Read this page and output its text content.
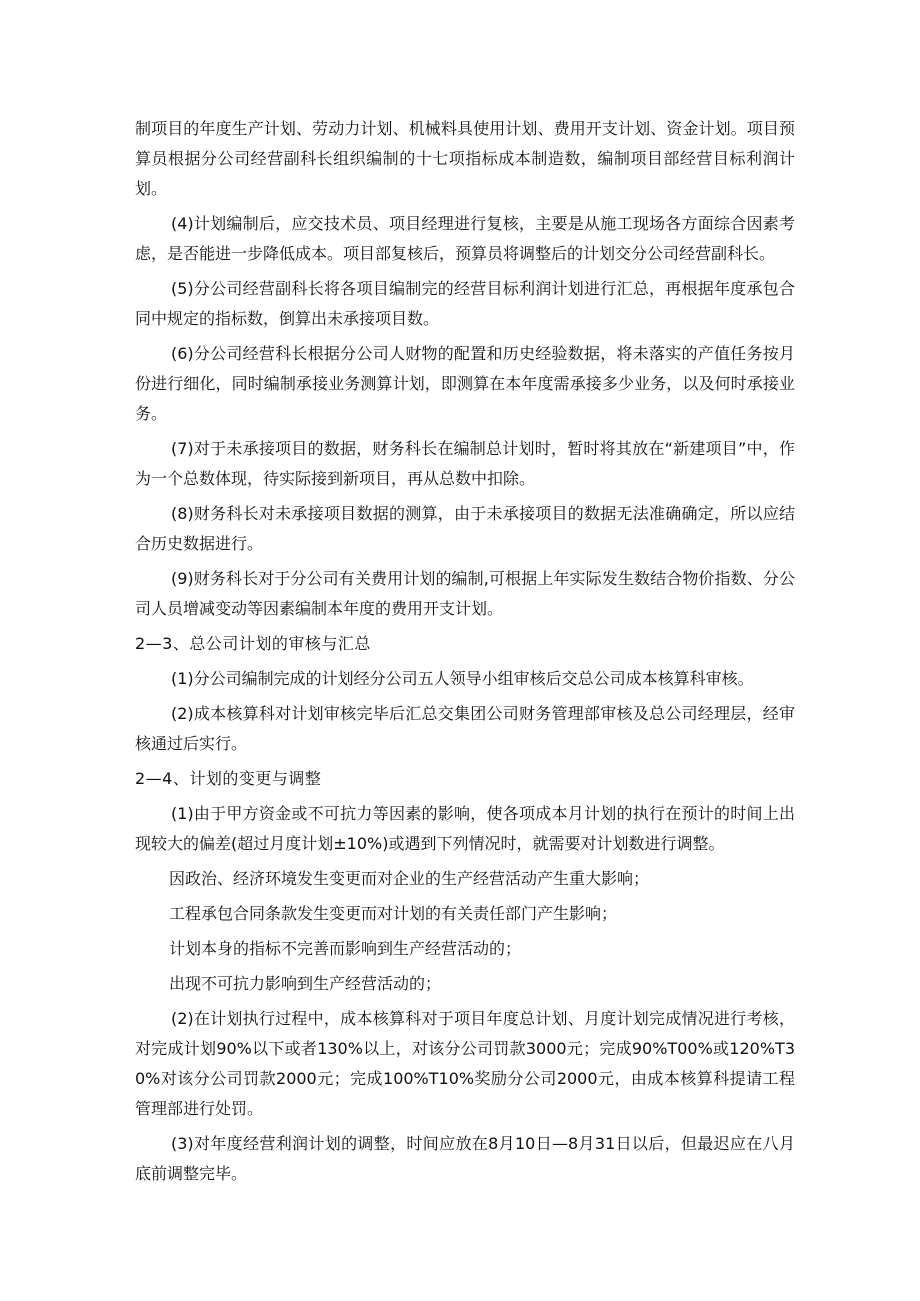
制项目的年度生产计划、劳动力计划、机械料具使用计划、费用开支计划、资金计划。项目预算员根据分公司经营副科长组织编制的十七项指标成本制造数，编制项目部经营目标利润计划。

(4)计划编制后，应交技术员、项目经理进行复核，主要是从施工现场各方面综合因素考虑，是否能进一步降低成本。项目部复核后，预算员将调整后的计划交分公司经营副科长。

(5)分公司经营副科长将各项目编制完的经营目标利润计划进行汇总，再根据年度承包合同中规定的指标数，倒算出未承接项目数。

(6)分公司经营科长根据分公司人财物的配置和历史经验数据，将未落实的产值任务按月份进行细化，同时编制承接业务测算计划，即测算在本年度需承接多少业务，以及何时承接业务。

(7)对于未承接项目的数据，财务科长在编制总计划时，暂时将其放在“新建项目”中，作为一个总数体现，待实际接到新项目，再从总数中扣除。

(8)财务科长对未承接项目数据的测算，由于未承接项目的数据无法准确确定，所以应结合历史数据进行。

(9)财务科长对于分公司有关费用计划的编制,可根据上年实际发生数结合物价指数、分公司人员增减变动等因素编制本年度的费用开支计划。

2—3、总公司计划的审核与汇总

(1)分公司编制完成的计划经分公司五人领导小组审核后交总公司成本核算科审核。

(2)成本核算科对计划审核完毕后汇总交集团公司财务管理部审核及总公司经理层，经审核通过后实行。

2—4、计划的变更与调整

(1)由于甲方资金或不可抗力等因素的影响，使各项成本月计划的执行在预计的时间上出现较大的偏差(超过月度计划±10%)或遇到下列情况时，就需要对计划数进行调整。

因政治、经济环境发生变更而对企业的生产经营活动产生重大影响；

工程承包合同条款发生变更而对计划的有关责任部门产生影响；

计划本身的指标不完善而影响到生产经营活动的；

出现不可抗力影响到生产经营活动的；

(2)在计划执行过程中，成本核算科对于项目年度总计划、月度计划完成情况进行考核，对完成计划90%以下或者130%以上，对该分公司罚款3000元；完成90%T00%或120%T30%对该分公司罚款2000元；完成100%T10%奖励分公司2000元，由成本核算科提请工程管理部进行处罚。

(3)对年度经营利润计划的调整，时间应放在8月10日—8月31日以后，但最迟应在八月底前调整完毕。
